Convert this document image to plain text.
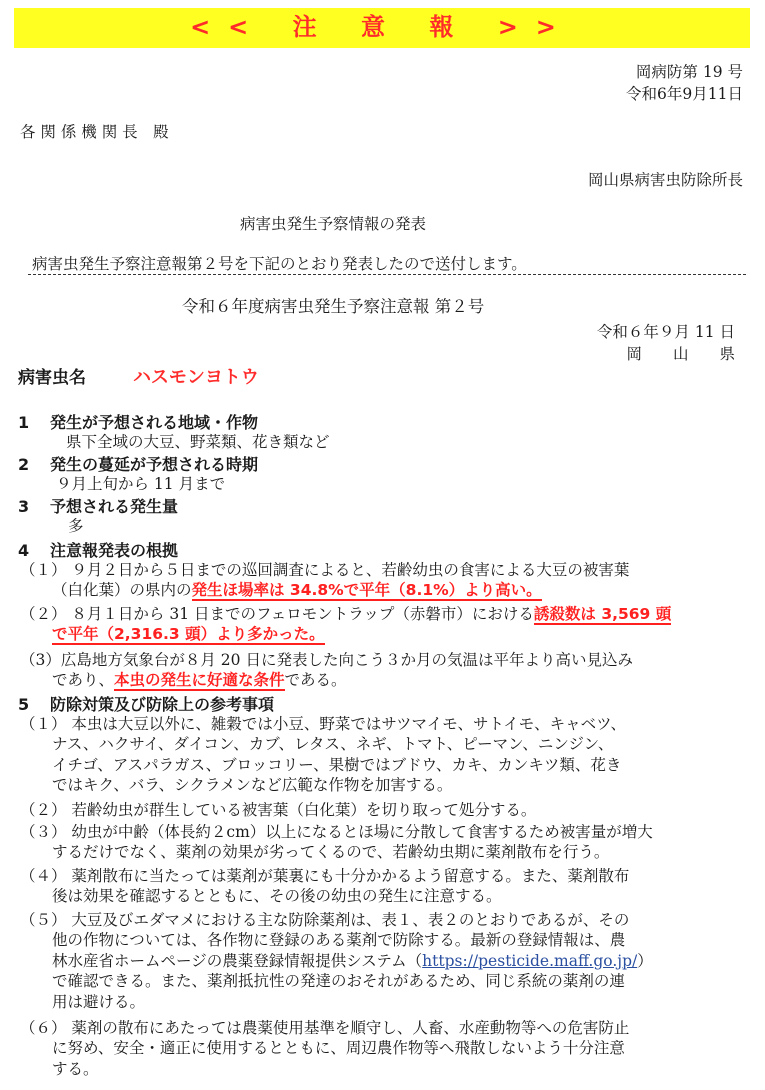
<< 注 意 報 >>
岡病防第 19 号
令和6年9月11日
各 関 係 機 関 長　殿
岡山県病害虫防除所長
病害虫発生予察情報の発表
病害虫発生予察注意報第２号を下記のとおり発表したので送付します。
令和６年度病害虫発生予察注意報 第２号
令和６年９月 11 日
岡　　山　　県
病害虫名	ハスモンヨトウ
1 発生が予想される地域・作物
県下全域の大豆、野菜類、花き類など
2 発生の蔓延が予想される時期
９月上旬から 11 月まで
3 予想される発生量
多
4 注意報発表の根拠
（１） ９月２日から５日までの巡回調査によると、若齢幼虫の食害による大豆の被害葉
（白化葉）の県内の発生ほ場率は 34.8%で平年（8.1%）より高い。
（２） ８月１日から 31 日までのフェロモントラップ（赤磐市）における誘殺数は 3,569 頭
で平年（2,316.3 頭）より多かった。
（3）広島地方気象台が８月 20 日に発表した向こう３か月の気温は平年より高い見込み
であり、本虫の発生に好適な条件である。
5 防除対策及び防除上の参考事項
（１） 本虫は大豆以外に、雑穀では小豆、野菜ではサツマイモ、サトイモ、キャベツ、
ナス、ハクサイ、ダイコン、カブ、レタス、ネギ、トマト、ピーマン、ニンジン、
イチゴ、アスパラガス、ブロッコリー、果樹ではブドウ、カキ、カンキツ類、花き
ではキク、バラ、シクラメンなど広範な作物を加害する。
（２） 若齢幼虫が群生している被害葉（白化葉）を切り取って処分する。
（３） 幼虫が中齢（体長約２cm）以上になるとほ場に分散して食害するため被害量が増大
するだけでなく、薬剤の効果が劣ってくるので、若齢幼虫期に薬剤散布を行う。
（４） 薬剤散布に当たっては薬剤が葉裏にも十分かかるよう留意する。また、薬剤散布
後は効果を確認するとともに、その後の幼虫の発生に注意する。
（５） 大豆及びエダマメにおける主な防除薬剤は、表１、表２のとおりであるが、その
他の作物については、各作物に登録のある薬剤で防除する。最新の登録情報は、農
林水産省ホームページの農薬登録情報提供システム（https://pesticide.maff.go.jp/）
で確認できる。また、薬剤抵抗性の発達のおそれがあるため、同じ系統の薬剤の連
用は避ける。
（６） 薬剤の散布にあたっては農薬使用基準を順守し、人畜、水産動物等への危害防止
に努め、安全・適正に使用するとともに、周辺農作物等へ飛散しないよう十分注意
する。
